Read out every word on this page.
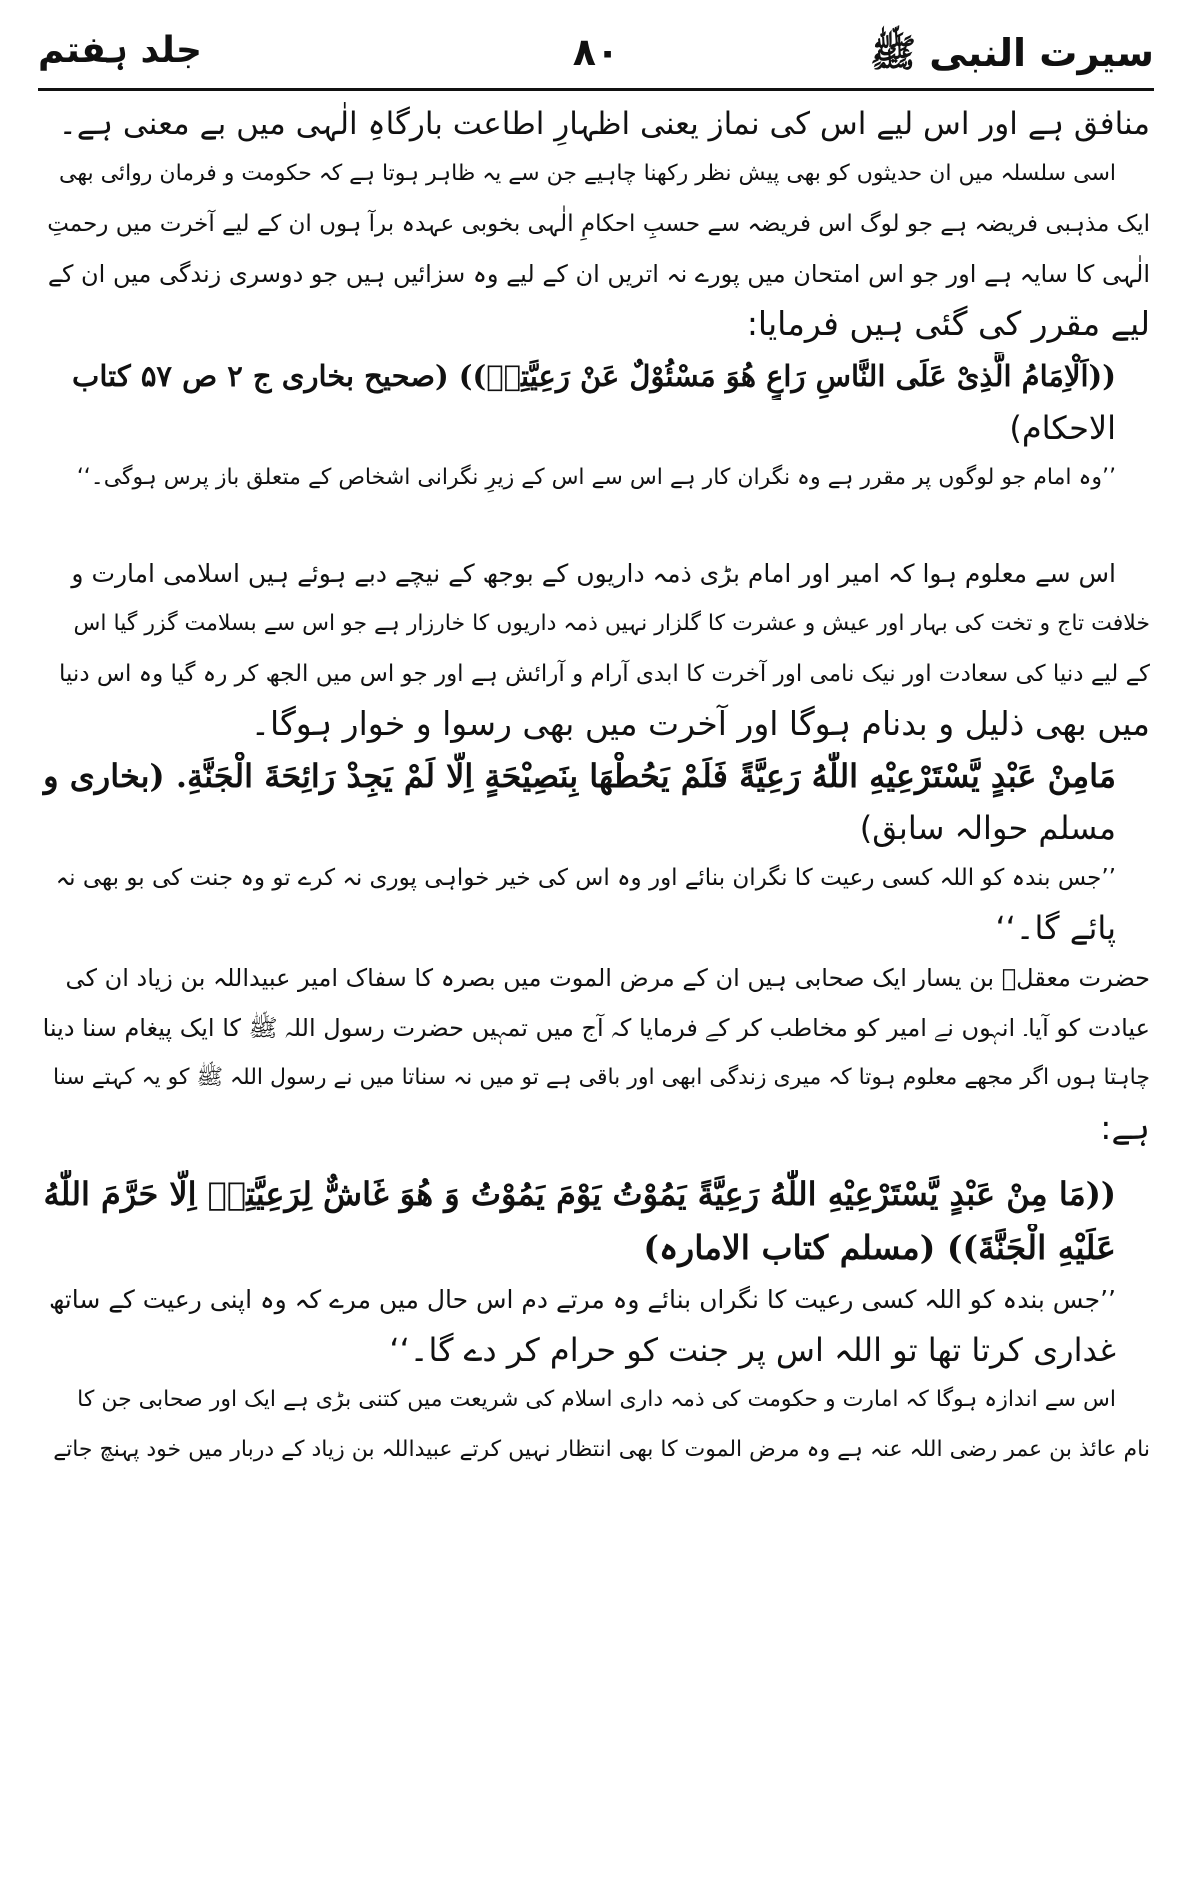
سیرت النبی ﷺ
۸۰
جلد ہفتم
منافق ہے اور اس لیے اس کی نماز یعنی اظہارِ اطاعت بارگاہِ الٰہی میں بے معنی ہے۔
اسی سلسلہ میں ان حدیثوں کو بھی پیش نظر رکھنا چاہیے جن سے یہ ظاہر ہوتا ہے کہ حکومت و فرمان روائی بھی
ایک مذہبی فریضہ ہے جو لوگ اس فریضہ سے حسبِ احکامِ الٰہی بخوبی عہدہ برآ ہوں ان کے لیے آخرت میں رحمتِ
الٰہی کا سایہ ہے اور جو اس امتحان میں پورے نہ اتریں ان کے لیے وہ سزائیں ہیں جو دوسری زندگی میں ان کے
لیے مقرر کی گئی ہیں فرمایا:
((اَلْاِمَامُ الَّذِیْ عَلَی النَّاسِ رَاعٍ هُوَ مَسْئُوْلٌ عَنْ رَعِيَّتِهٖ)) (صحیح بخاری ج ۲ ص ۵۷ کتاب
الاحکام)
’’وہ امام جو لوگوں پر مقرر ہے وہ نگران کار ہے اس سے اس کے زیرِ نگرانی اشخاص کے متعلق باز پرس ہوگی۔‘‘
اس سے معلوم ہوا کہ امیر اور امام بڑی ذمہ داریوں کے بوجھ کے نیچے دبے ہوئے ہیں اسلامی امارت و
خلافت تاج و تخت کی بہار اور عیش و عشرت کا گلزار نہیں ذمہ داریوں کا خارزار ہے جو اس سے بسلامت گزر گیا اس
کے لیے دنیا کی سعادت اور نیک نامی اور آخرت کا ابدی آرام و آرائش ہے اور جو اس میں الجھ کر رہ گیا وہ اس دنیا
میں بھی ذلیل و بدنام ہوگا اور آخرت میں بھی رسوا و خوار ہوگا۔
مَامِنْ عَبْدٍ يَّسْتَرْعِيْهِ اللّٰهُ رَعِيَّةً فَلَمْ يَحُطْهَا بِنَصِيْحَةٍ اِلَّا لَمْ يَجِدْ رَائِحَةَ الْجَنَّةِ. (بخاری و
مسلم حوالہ سابق)
’’جس بندہ کو اللہ کسی رعیت کا نگران بنائے اور وہ اس کی خیر خواہی پوری نہ کرے تو وہ جنت کی بو بھی نہ
پائے گا۔‘‘
حضرت معقلؓ بن یسار ایک صحابی ہیں ان کے مرض الموت میں بصرہ کا سفاک امیر عبیداللہ بن زیاد ان کی
عیادت کو آیا۔ انہوں نے امیر کو مخاطب کر کے فرمایا کہ آج میں تمہیں حضرت رسول اللہ ﷺ کا ایک پیغام سنا دینا
چاہتا ہوں اگر مجھے معلوم ہوتا کہ میری زندگی ابھی اور باقی ہے تو میں نہ سناتا میں نے رسول اللہ ﷺ کو یہ کہتے سنا
ہے:
((مَا مِنْ عَبْدٍ يَّسْتَرْعِيْهِ اللّٰهُ رَعِيَّةً يَمُوْتُ يَوْمَ يَمُوْتُ وَ هُوَ غَاشٌّ لِرَعِيَّتِهٖ اِلَّا حَرَّمَ اللّٰهُ
عَلَيْهِ الْجَنَّةَ)) (مسلم کتاب الامارہ)
’’جس بندہ کو اللہ کسی رعیت کا نگراں بنائے وہ مرتے دم اس حال میں مرے کہ وہ اپنی رعیت کے ساتھ
غداری کرتا تھا تو اللہ اس پر جنت کو حرام کر دے گا۔‘‘
اس سے اندازہ ہوگا کہ امارت و حکومت کی ذمہ داری اسلام کی شریعت میں کتنی بڑی ہے ایک اور صحابی جن کا
نام عائذ بن عمر رضی اللہ عنہ ہے وہ مرض الموت کا بھی انتظار نہیں کرتے عبیداللہ بن زیاد کے دربار میں خود پہنچ جاتے
